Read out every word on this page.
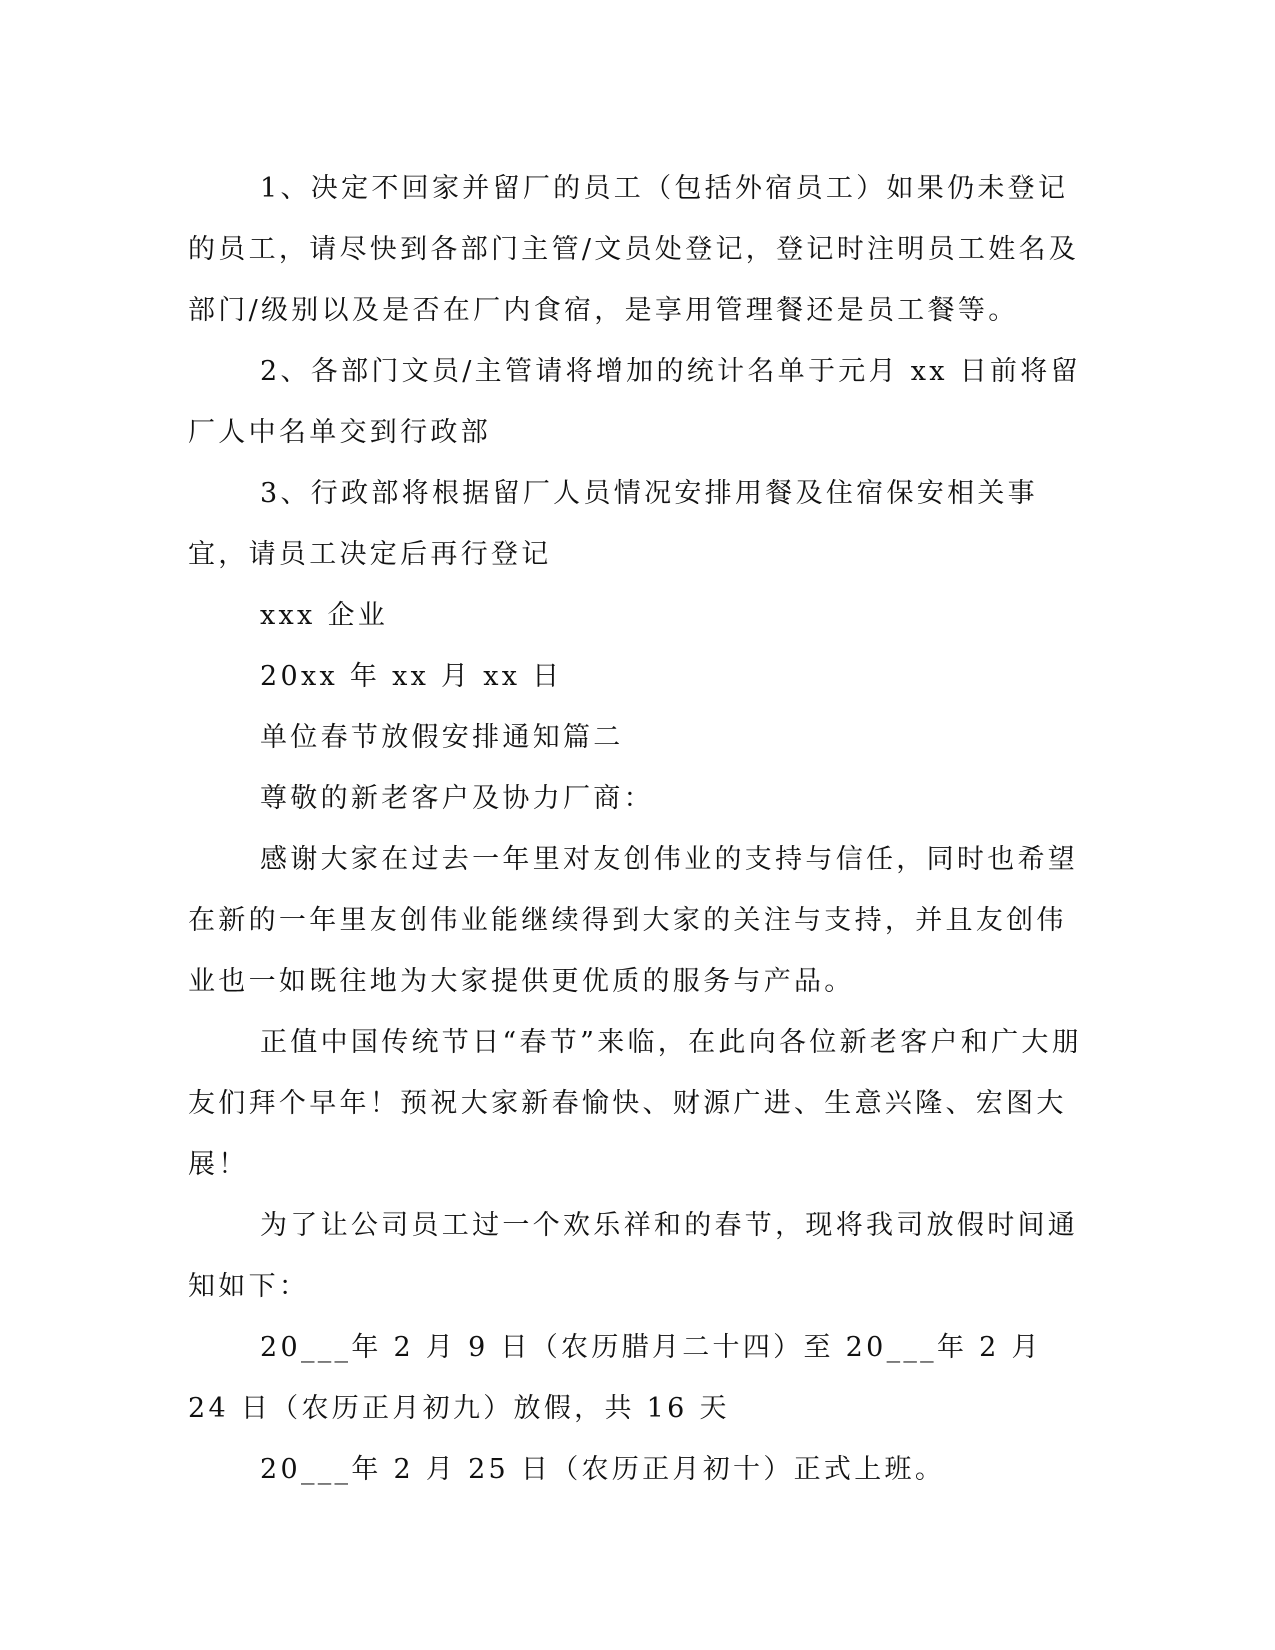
1、决定不回家并留厂的员工（包括外宿员工）如果仍未登记的员工，请尽快到各部门主管/文员处登记，登记时注明员工姓名及部门/级别以及是否在厂内食宿，是享用管理餐还是员工餐等。

2、各部门文员/主管请将增加的统计名单于元月 xx 日前将留厂人中名单交到行政部

3、行政部将根据留厂人员情况安排用餐及住宿保安相关事宜，请员工决定后再行登记

xxx 企业

20xx 年 xx 月 xx 日

单位春节放假安排通知篇二

尊敬的新老客户及协力厂商：

感谢大家在过去一年里对友创伟业的支持与信任，同时也希望在新的一年里友创伟业能继续得到大家的关注与支持，并且友创伟业也一如既往地为大家提供更优质的服务与产品。

正值中国传统节日“春节”来临，在此向各位新老客户和广大朋友们拜个早年！预祝大家新春愉快、财源广进、生意兴隆、宏图大展！

为了让公司员工过一个欢乐祥和的春节，现将我司放假时间通知如下：

20___年 2 月 9 日（农历腊月二十四）至 20___年 2 月 24 日（农历正月初九）放假，共 16 天

20___年 2 月 25 日（农历正月初十）正式上班。
